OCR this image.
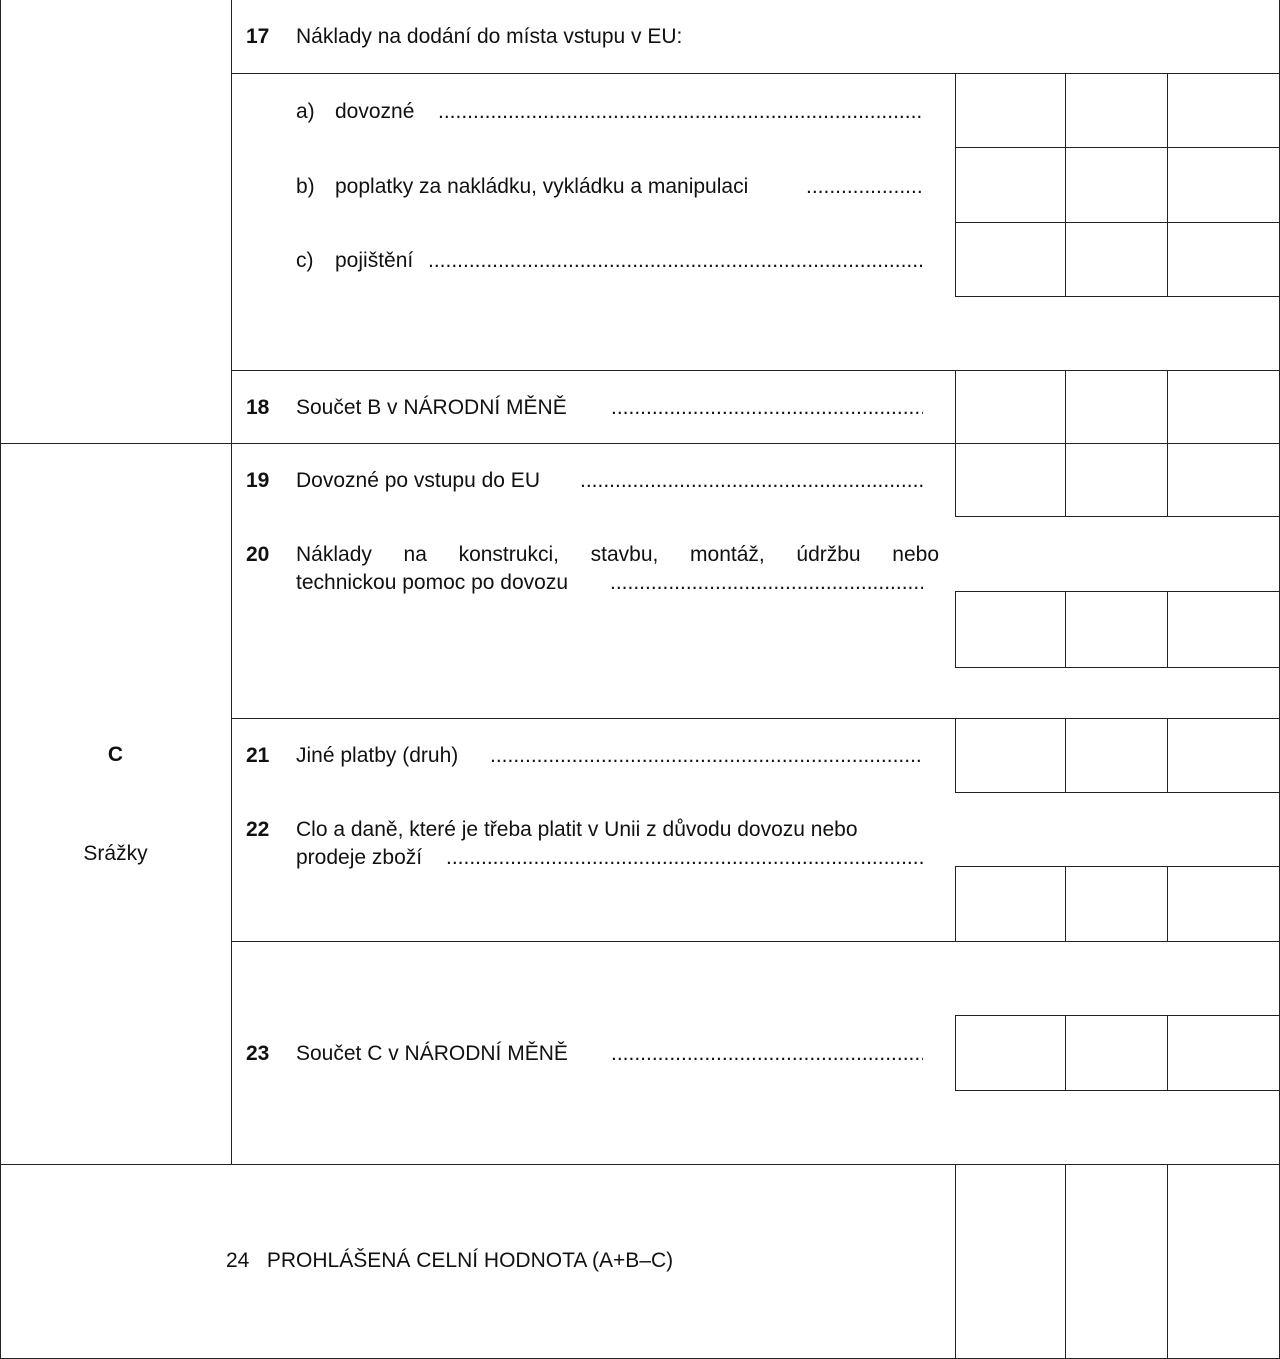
C
Srážky
17 Náklady na dodání do místa vstupu v EU:
a) dovozné
.....
b) poplatky za nakládku, vykládku a manipulaci
.....
c) pojištění
.....
18 Součet B v NÁRODNÍ MĚNĚ
.....
19 Dovozné po vstupu do EU
.....
20 Náklady na konstrukci, stavbu, montáž, údržbu nebo
technickou pomoc po dovozu
.....
21 Jiné platby (druh)
.....
22 Clo a daně, které je třeba platit v Unii z důvodu dovozu nebo
prodeje zboží
.....
23 Součet C v NÁRODNÍ MĚNĚ
.....
24   PROHLÁŠENÁ CELNÍ HODNOTA (A+B–C)
